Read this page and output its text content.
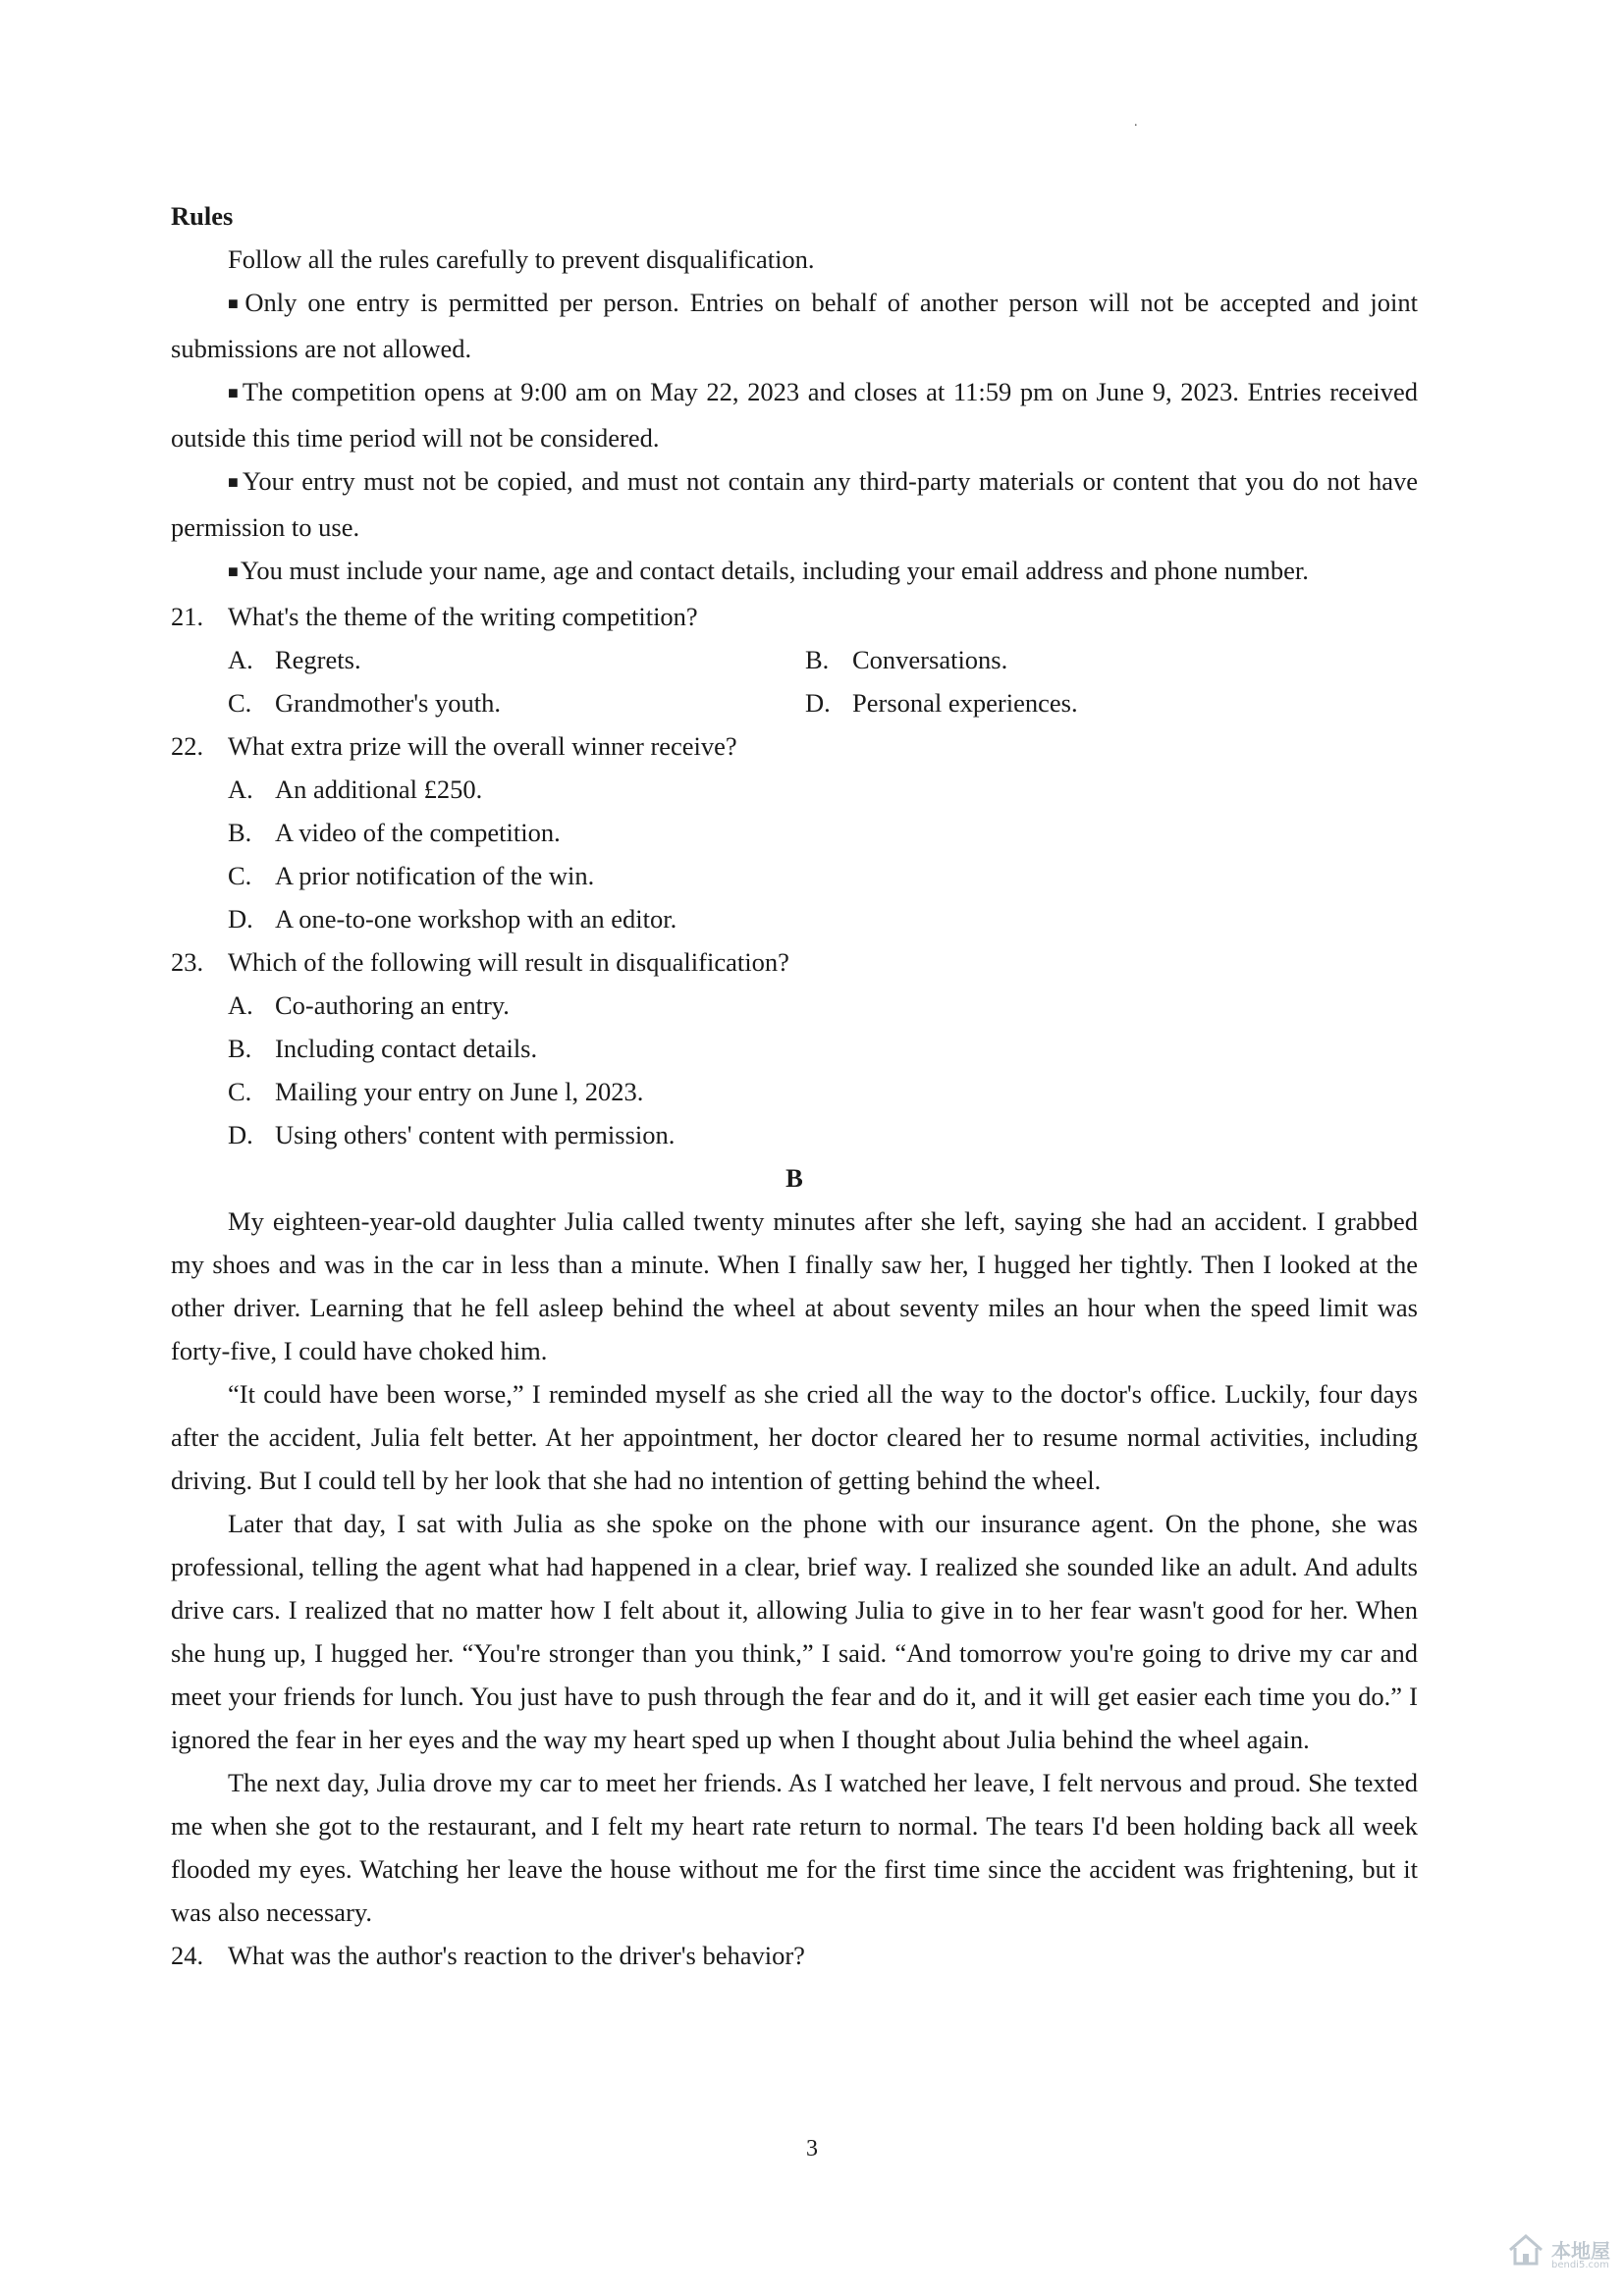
.
Rules

Follow all the rules carefully to prevent disqualification.

■ Only one entry is permitted per person. Entries on behalf of another person will not be accepted and joint submissions are not allowed.

■ The competition opens at 9:00 am on May 22, 2023 and closes at 11:59 pm on June 9, 2023. Entries received outside this time period will not be considered.

■ Your entry must not be copied, and must not contain any third-party materials or content that you do not have permission to use.

■ You must include your name, age and contact details, including your email address and phone number.

21. What's the theme of the writing competition?
A. Regrets.	B. Conversations.
C. Grandmother's youth.	D. Personal experiences.
22. What extra prize will the overall winner receive?
A. An additional £250.
B. A video of the competition.
C. A prior notification of the win.
D. A one-to-one workshop with an editor.
23. Which of the following will result in disqualification?
A. Co-authoring an entry.
B. Including contact details.
C. Mailing your entry on June l, 2023.
D. Using others' content with permission.
B

My eighteen-year-old daughter Julia called twenty minutes after she left, saying she had an accident. I grabbed my shoes and was in the car in less than a minute. When I finally saw her, I hugged her tightly. Then I looked at the other driver. Learning that he fell asleep behind the wheel at about seventy miles an hour when the speed limit was forty-five, I could have choked him.

“It could have been worse,” I reminded myself as she cried all the way to the doctor's office. Luckily, four days after the accident, Julia felt better. At her appointment, her doctor cleared her to resume normal activities, including driving. But I could tell by her look that she had no intention of getting behind the wheel.

Later that day, I sat with Julia as she spoke on the phone with our insurance agent. On the phone, she was professional, telling the agent what had happened in a clear, brief way. I realized she sounded like an adult. And adults drive cars. I realized that no matter how I felt about it, allowing Julia to give in to her fear wasn't good for her. When she hung up, I hugged her. “You're stronger than you think,” I said. “And tomorrow you're going to drive my car and meet your friends for lunch. You just have to push through the fear and do it, and it will get easier each time you do.” I ignored the fear in her eyes and the way my heart sped up when I thought about Julia behind the wheel again.

The next day, Julia drove my car to meet her friends. As I watched her leave, I felt nervous and proud. She texted me when she got to the restaurant, and I felt my heart rate return to normal. The tears I'd been holding back all week flooded my eyes. Watching her leave the house without me for the first time since the accident was frightening, but it was also necessary.

24. What was the author's reaction to the driver's behavior?
3
本地屋
bendi5.com
